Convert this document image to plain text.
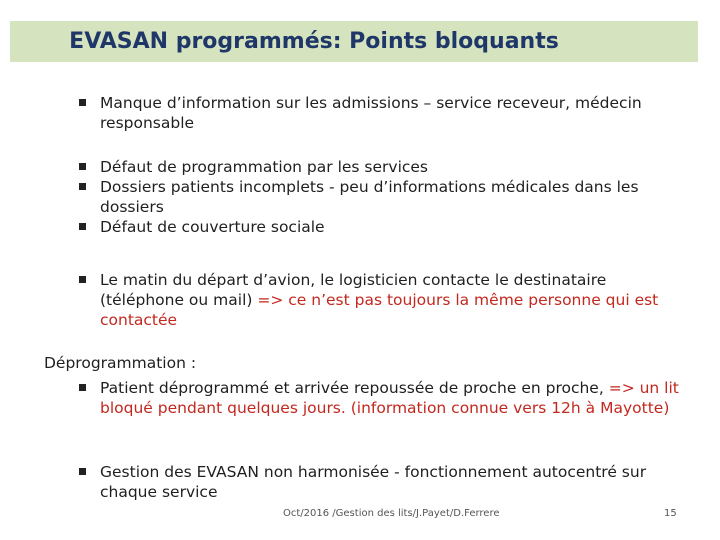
EVASAN programmés: Points bloquants
Manque d’information sur les admissions – service receveur, médecin responsable
Défaut de programmation par les services
Dossiers patients incomplets - peu d’informations médicales dans les dossiers
Défaut de couverture sociale
Le matin du départ d’avion, le logisticien contacte le destinataire (téléphone ou mail) => ce n’est pas toujours la même personne qui est contactée
Déprogrammation :
Patient déprogrammé et arrivée repoussée de proche en proche, => un lit bloqué pendant quelques jours. (information connue vers 12h à Mayotte)
Gestion des EVASAN non harmonisée - fonctionnement autocentré sur chaque service
Oct/2016 /Gestion des lits/J.Payet/D.Ferrere	15
